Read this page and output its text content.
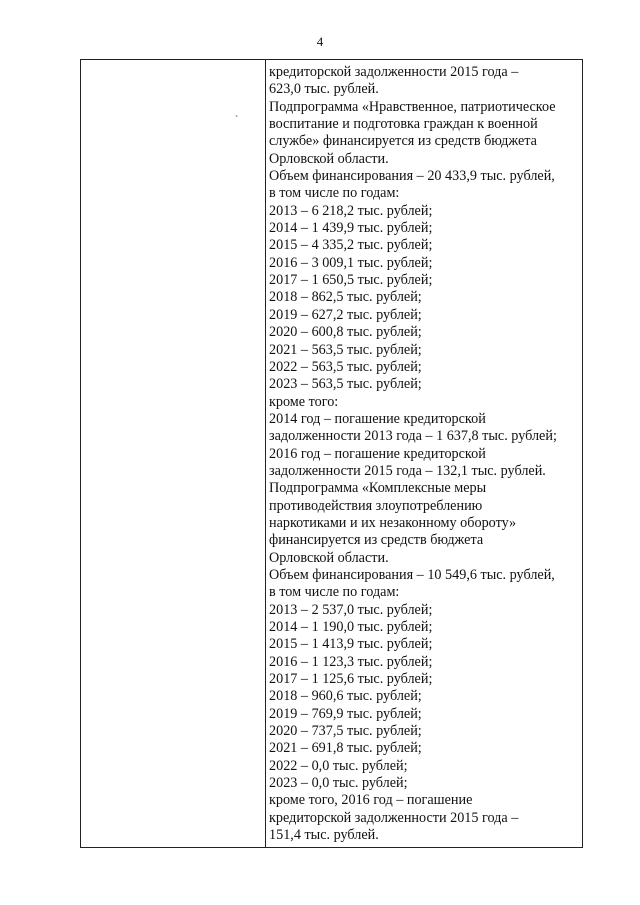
4
`

кредиторской задолженности 2015 года –

623,0 тыс. рублей.

Подпрограмма «Нравственное, патриотическое

воспитание и подготовка граждан к военной

службе» финансируется из средств бюджета

Орловской области.

Объем финансирования – 20 433,9 тыс. рублей,

в том числе по годам:

2013 – 6 218,2 тыс. рублей;

2014 – 1 439,9 тыс. рублей;

2015 – 4 335,2 тыс. рублей;

2016 – 3 009,1 тыс. рублей;

2017 – 1 650,5 тыс. рублей;

2018 – 862,5 тыс. рублей;

2019 – 627,2 тыс. рублей;

2020 – 600,8 тыс. рублей;

2021 – 563,5 тыс. рублей;

2022 – 563,5 тыс. рублей;

2023 – 563,5 тыс. рублей;

кроме того:

2014 год – погашение кредиторской

задолженности 2013 года – 1 637,8 тыс. рублей;

2016 год – погашение кредиторской

задолженности 2015 года – 132,1 тыс. рублей.

Подпрограмма «Комплексные меры

противодействия злоупотреблению

наркотиками и их незаконному обороту»

финансируется из средств бюджета

Орловской области.

Объем финансирования – 10 549,6 тыс. рублей,

в том числе по годам:

2013 – 2 537,0 тыс. рублей;

2014 – 1 190,0 тыс. рублей;

2015 – 1 413,9 тыс. рублей;

2016 – 1 123,3 тыс. рублей;

2017 – 1 125,6 тыс. рублей;

2018 – 960,6 тыс. рублей;

2019 – 769,9 тыс. рублей;

2020 – 737,5 тыс. рублей;

2021 – 691,8 тыс. рублей;

2022 – 0,0 тыс. рублей;

2023 – 0,0 тыс. рублей;

кроме того, 2016 год – погашение

кредиторской задолженности 2015 года –

151,4 тыс. рублей.
